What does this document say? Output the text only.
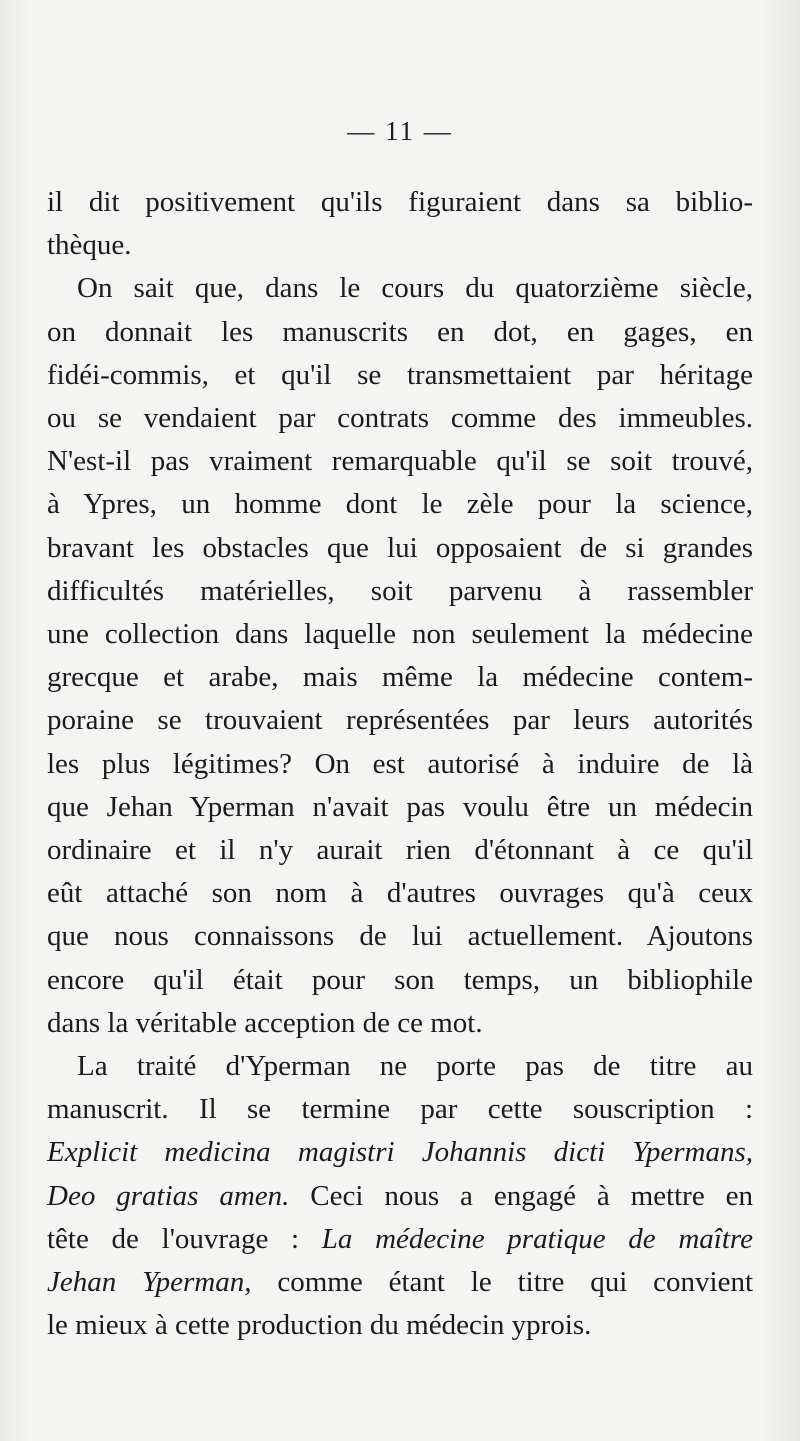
— 11 —
il dit positivement qu'ils figuraient dans sa biblio-
thèque.
On sait que, dans le cours du quatorzième siècle,
on donnait les manuscrits en dot, en gages, en
fidéi-commis, et qu'il se transmettaient par héritage
ou se vendaient par contrats comme des immeubles.
N'est-il pas vraiment remarquable qu'il se soit trouvé,
à Ypres, un homme dont le zèle pour la science,
bravant les obstacles que lui opposaient de si grandes
difficultés matérielles, soit parvenu à rassembler
une collection dans laquelle non seulement la médecine
grecque et arabe, mais même la médecine contem-
poraine se trouvaient représentées par leurs autorités
les plus légitimes? On est autorisé à induire de là
que Jehan Yperman n'avait pas voulu être un médecin
ordinaire et il n'y aurait rien d'étonnant à ce qu'il
eût attaché son nom à d'autres ouvrages qu'à ceux
que nous connaissons de lui actuellement. Ajoutons
encore qu'il était pour son temps, un bibliophile
dans la véritable acception de ce mot.
La traité d'Yperman ne porte pas de titre au
manuscrit. Il se termine par cette souscription :
Explicit medicina magistri Johannis dicti Ypermans,
Deo gratias amen. Ceci nous a engagé à mettre en
tête de l'ouvrage : La médecine pratique de maître
Jehan Yperman, comme étant le titre qui convient
le mieux à cette production du médecin yprois.
